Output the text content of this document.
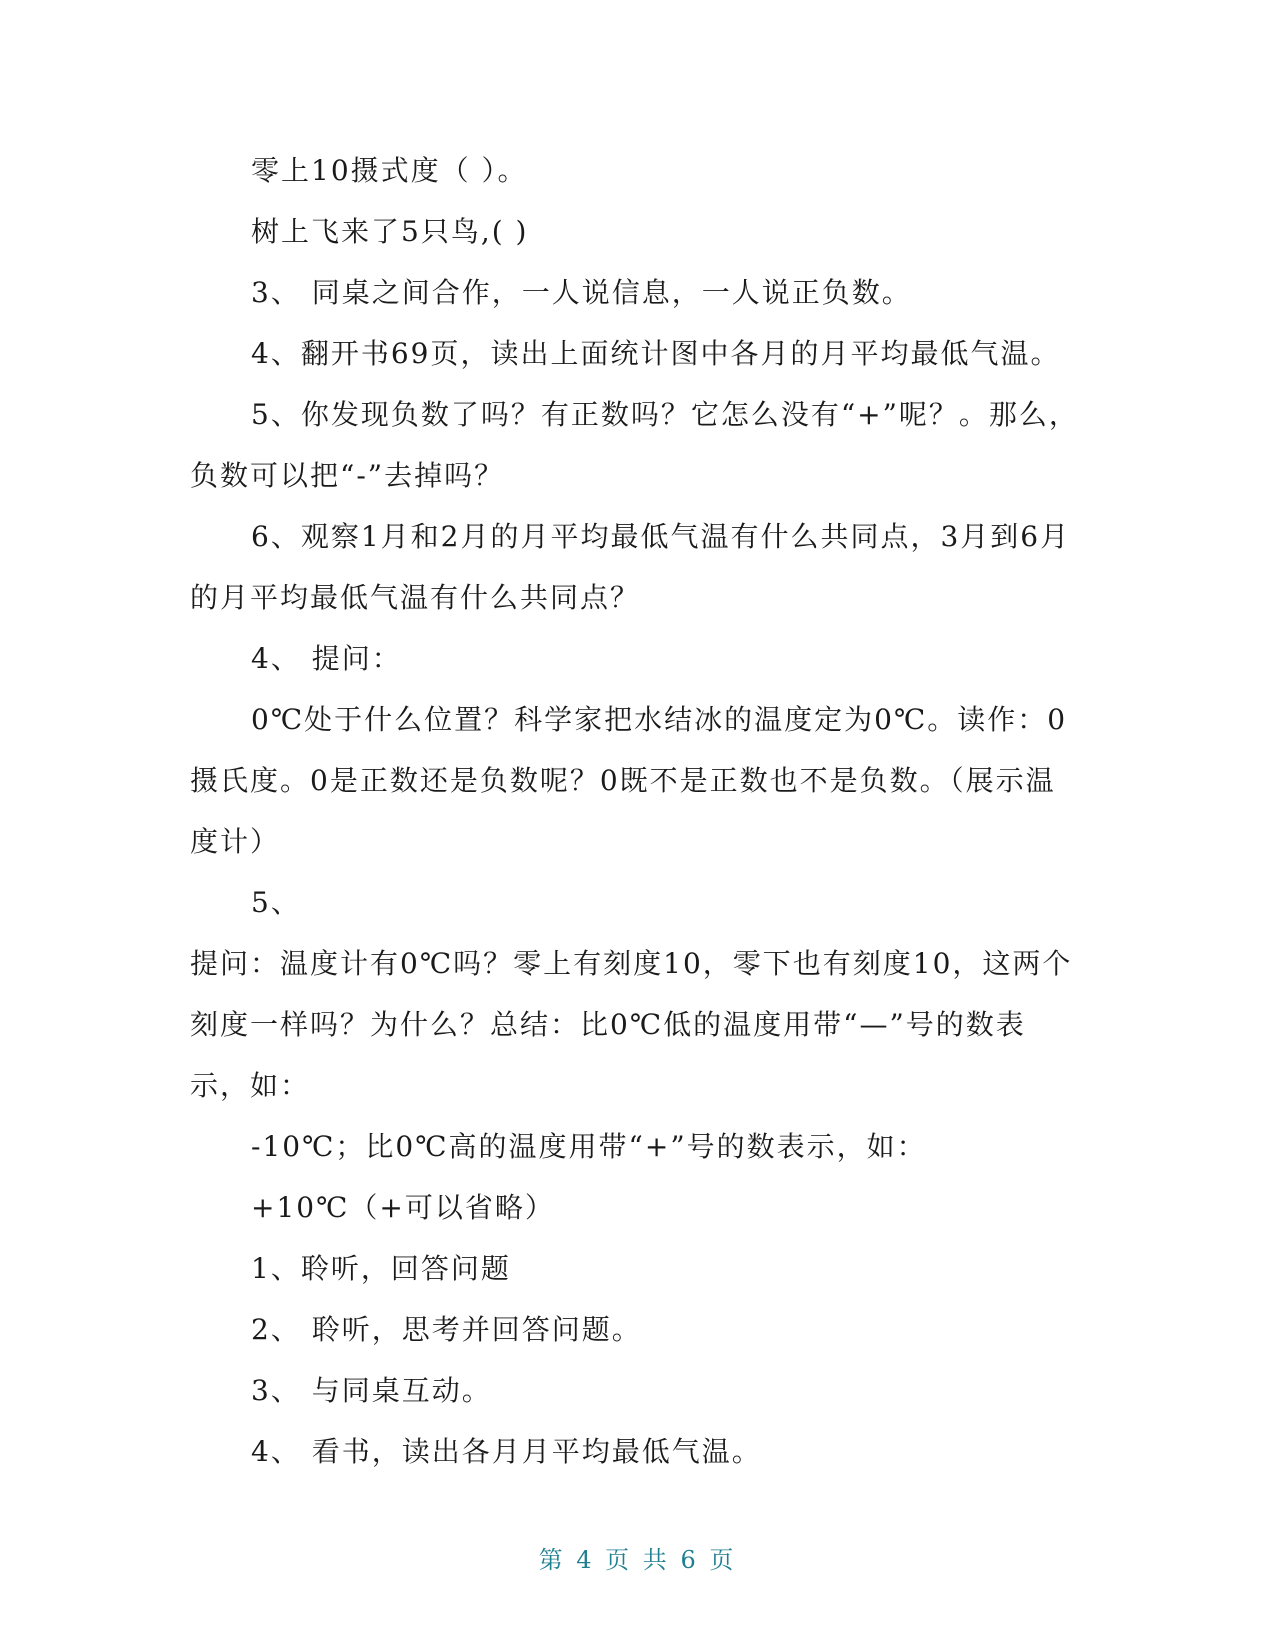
零上10摄式度（ ）。

树上飞来了5只鸟,( )

3、 同桌之间合作，一人说信息，一人说正负数。

4、翻开书69页，读出上面统计图中各月的月平均最低气温。

5、你发现负数了吗？有正数吗？它怎么没有“+”呢？。那么，负数可以把“-”去掉吗？

6、观察1月和2月的月平均最低气温有什么共同点，3月到6月的月平均最低气温有什么共同点？

4、 提问：

0℃处于什么位置？科学家把水结冰的温度定为0℃。读作：0摄氏度。0是正数还是负数呢？0既不是正数也不是负数。（展示温度计）

5、

提问：温度计有0℃吗？零上有刻度10，零下也有刻度10，这两个刻度一样吗？为什么？总结：比0℃低的温度用带“—”号的数表示，如：

-10℃；比0℃高的温度用带“+”号的数表示，如：

+10℃（+可以省略）

1、聆听，回答问题

2、 聆听，思考并回答问题。

3、 与同桌互动。

4、 看书，读出各月月平均最低气温。

第 4 页 共 6 页
